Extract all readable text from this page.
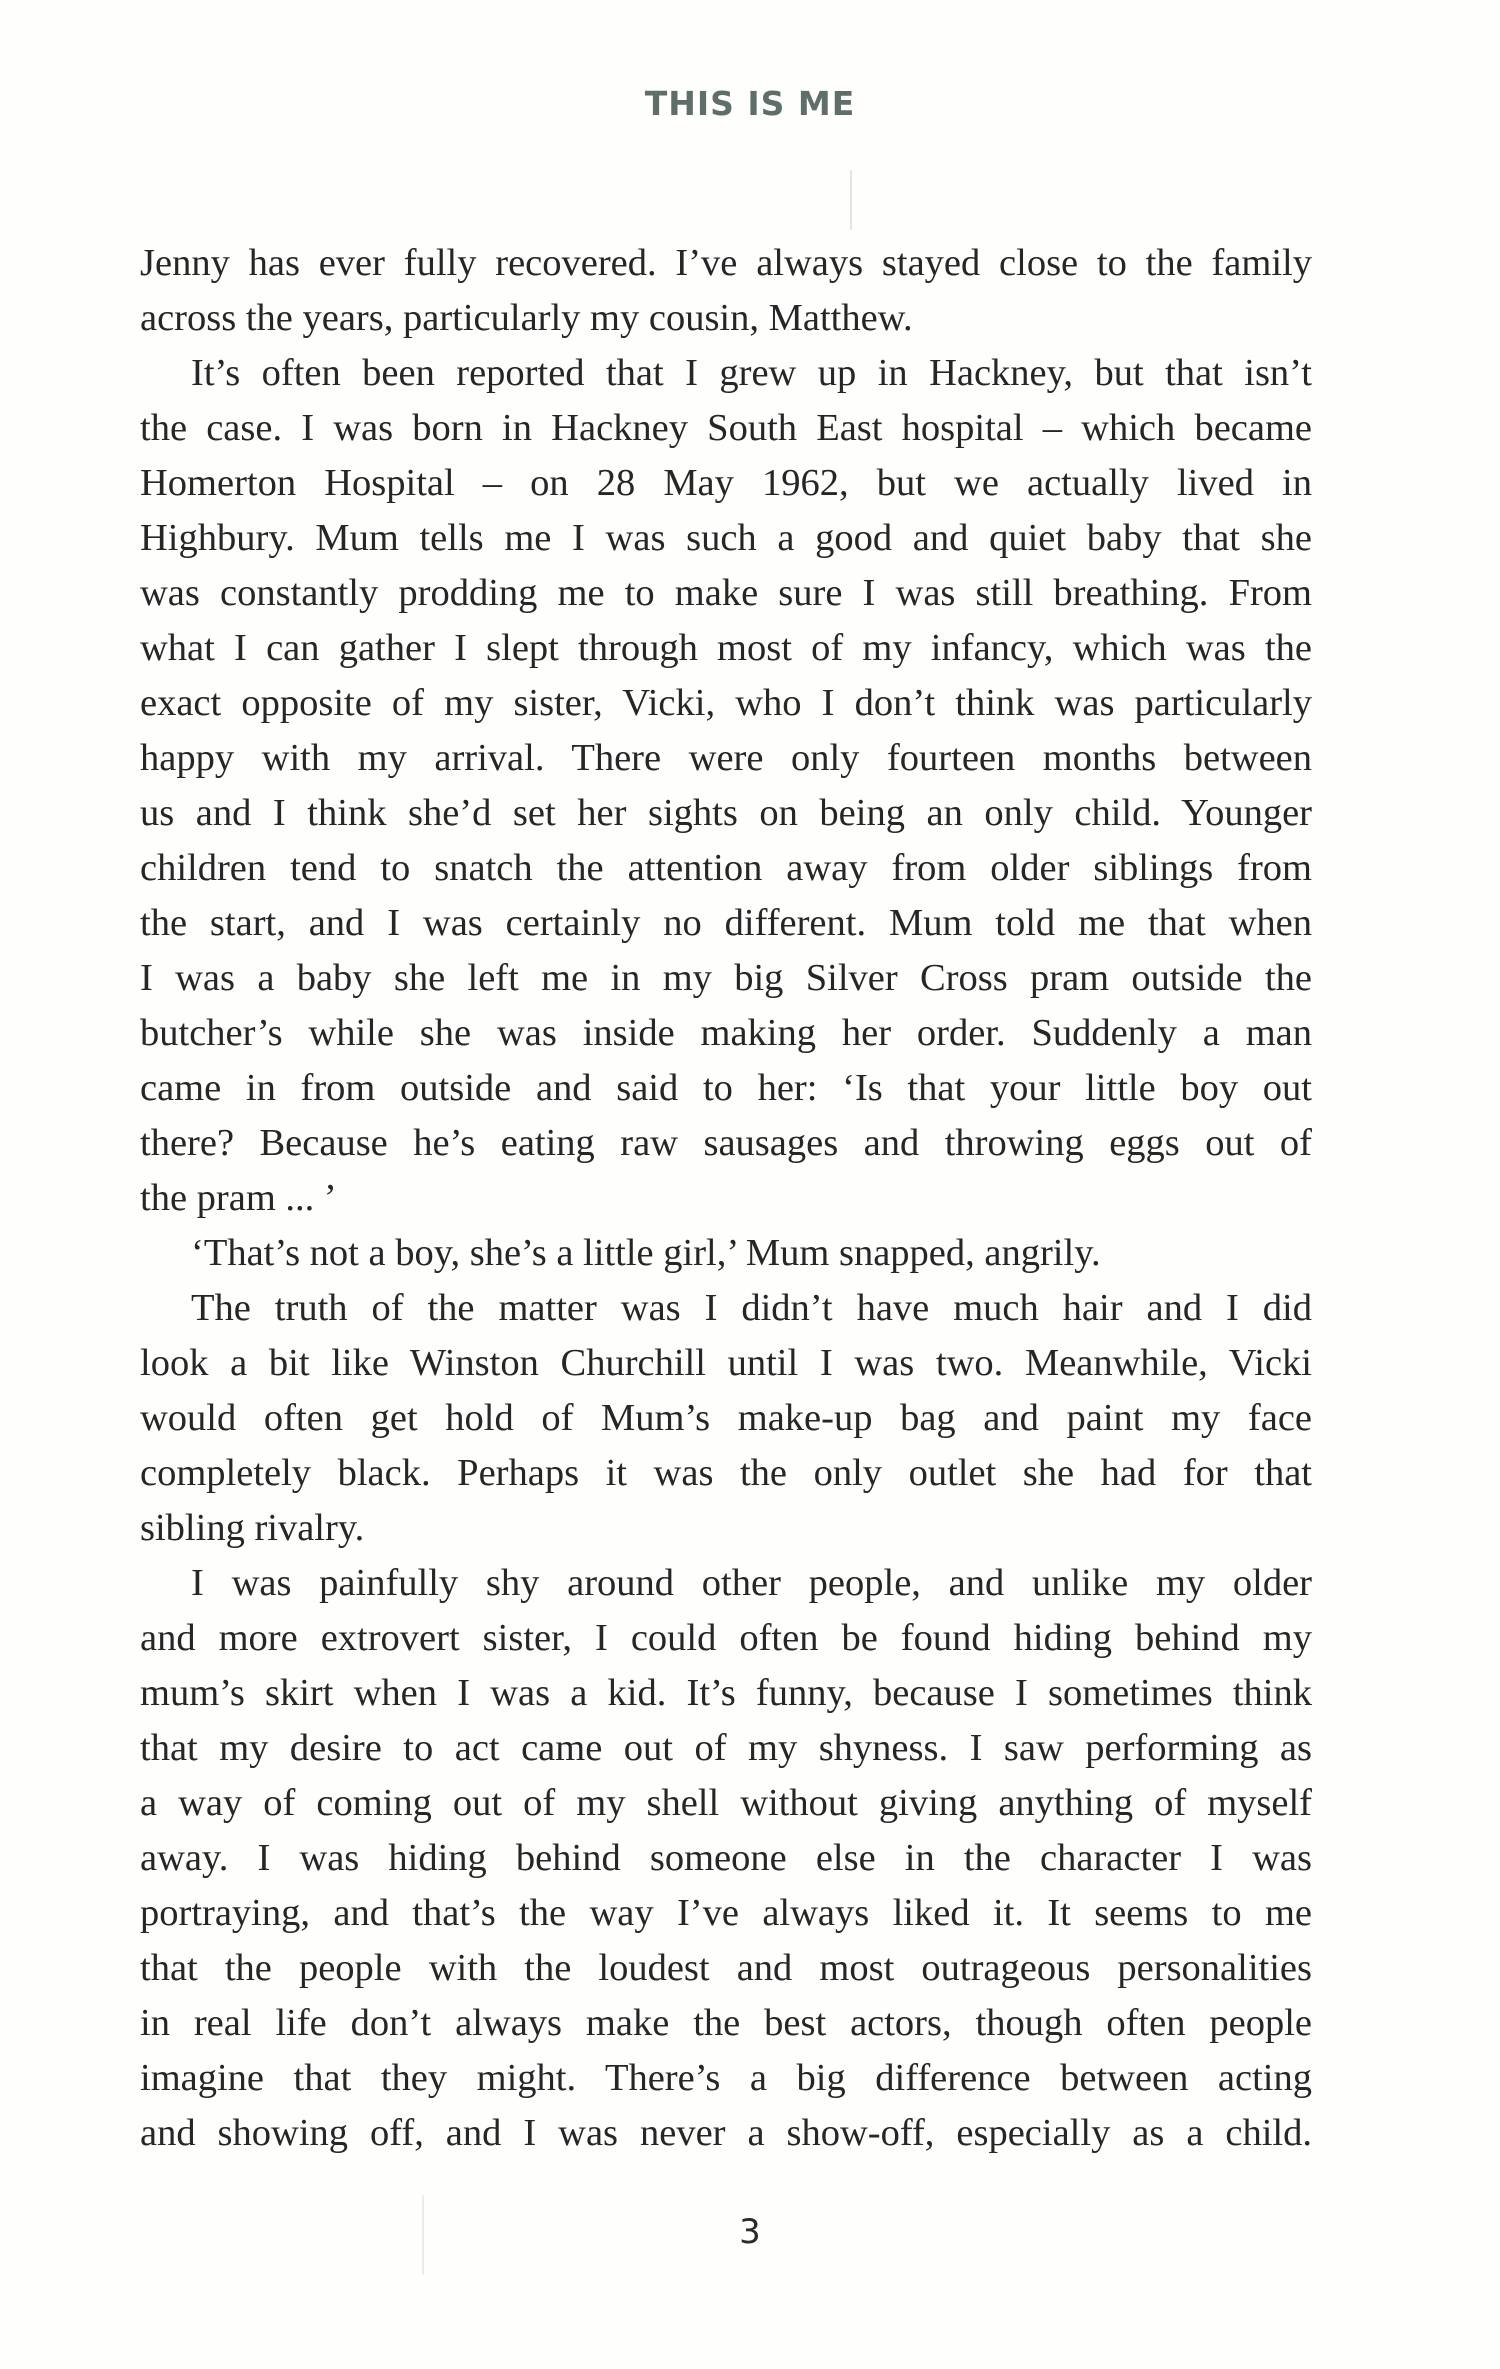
THIS IS ME
Jenny has ever fully recovered. I’ve always stayed close to the family
across the years, particularly my cousin, Matthew.
It’s often been reported that I grew up in Hackney, but that isn’t
the case. I was born in Hackney South East hospital – which became
Homerton Hospital – on 28 May 1962, but we actually lived in
Highbury. Mum tells me I was such a good and quiet baby that she
was constantly prodding me to make sure I was still breathing. From
what I can gather I slept through most of my infancy, which was the
exact opposite of my sister, Vicki, who I don’t think was particularly
happy with my arrival. There were only fourteen months between
us and I think she’d set her sights on being an only child. Younger
children tend to snatch the attention away from older siblings from
the start, and I was certainly no different. Mum told me that when
I was a baby she left me in my big Silver Cross pram outside the
butcher’s while she was inside making her order. Suddenly a man
came in from outside and said to her: ‘Is that your little boy out
there? Because he’s eating raw sausages and throwing eggs out of
the pram ... ’
‘That’s not a boy, she’s a little girl,’ Mum snapped, angrily.
The truth of the matter was I didn’t have much hair and I did
look a bit like Winston Churchill until I was two. Meanwhile, Vicki
would often get hold of Mum’s make-up bag and paint my face
completely black. Perhaps it was the only outlet she had for that
sibling rivalry.
I was painfully shy around other people, and unlike my older
and more extrovert sister, I could often be found hiding behind my
mum’s skirt when I was a kid. It’s funny, because I sometimes think
that my desire to act came out of my shyness. I saw performing as
a way of coming out of my shell without giving anything of myself
away. I was hiding behind someone else in the character I was
portraying, and that’s the way I’ve always liked it. It seems to me
that the people with the loudest and most outrageous personalities
in real life don’t always make the best actors, though often people
imagine that they might. There’s a big difference between acting
and showing off, and I was never a show-off, especially as a child.
3
